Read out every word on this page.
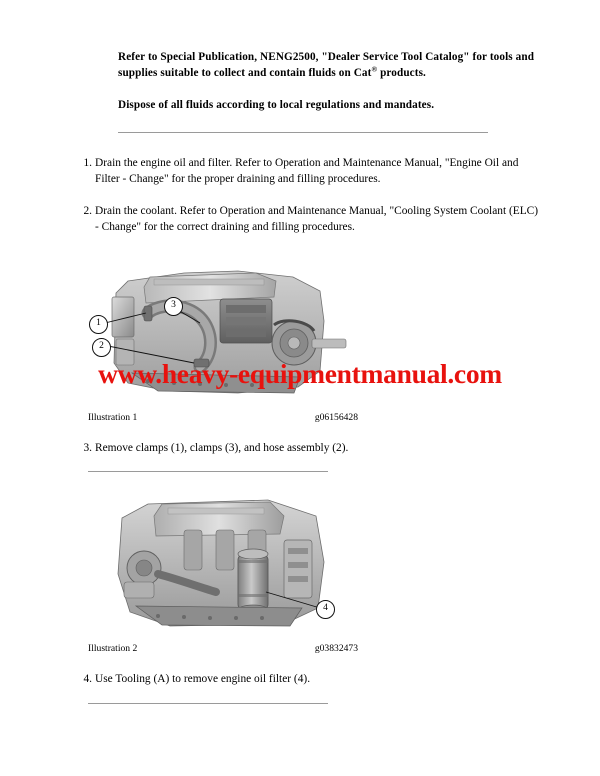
Refer to Special Publication, NENG2500, "Dealer Service Tool Catalog" for tools and supplies suitable to collect and contain fluids on Cat® products.

Dispose of all fluids according to local regulations and mandates.

1. Drain the engine oil and filter. Refer to Operation and Maintenance Manual, "Engine Oil and Filter - Change" for the proper draining and filling procedures.
2. Drain the coolant. Refer to Operation and Maintenance Manual, "Cooling System Coolant (ELC) - Change" for the correct draining and filling procedures.
1
2
3
Illustration 1	g06156428
3. Remove clamps (1), clamps (3), and hose assembly (2).
4
Illustration 2	g03832473
4. Use Tooling (A) to remove engine oil filter (4).
www.heavy-equipmentmanual.com
